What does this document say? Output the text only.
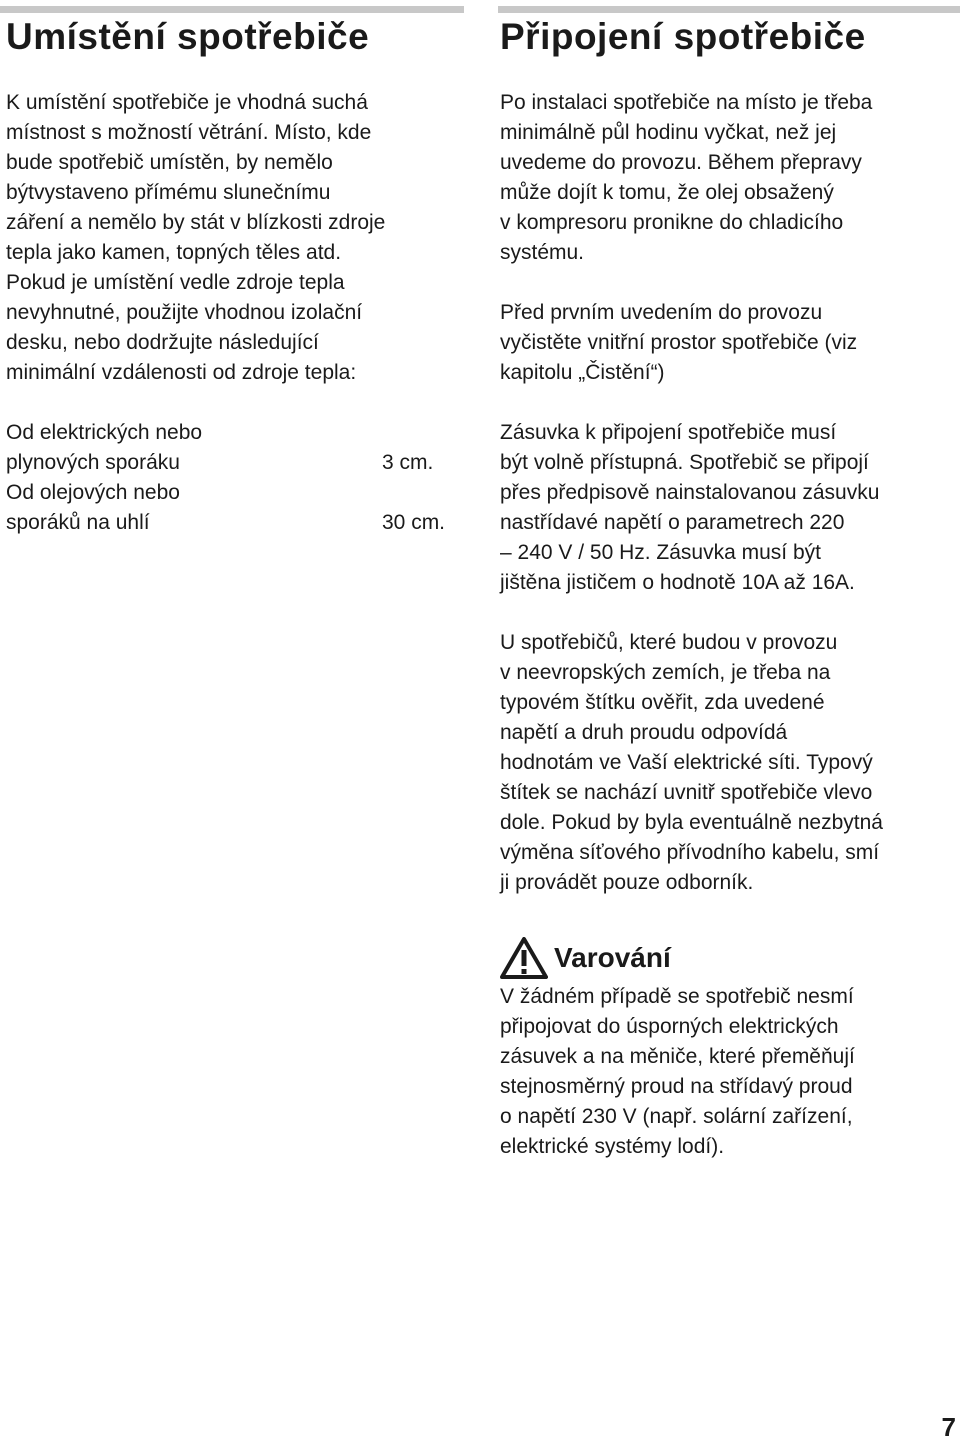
Umístění spotřebiče

K umístění spotřebiče je vhodná suchá
místnost s možností větrání. Místo, kde
bude spotřebič umístěn, by nemělo
býtvystaveno přímému slunečnímu
záření a nemělo by stát v blízkosti zdroje
tepla jako kamen, topných těles atd.
Pokud je umístění vedle zdroje tepla
nevyhnutné, použijte vhodnou izolační
desku, nebo dodržujte následující
minimální vzdálenosti od zdroje tepla:

Od elektrických nebo
plynových sporáku	3 cm.
Od olejových nebo
sporáků na uhlí	30 cm.
Připojení spotřebiče

Po instalaci spotřebiče na místo je třeba
minimálně půl hodinu vyčkat, než jej
uvedeme do provozu. Během přepravy
může dojít k tomu, že olej obsažený
v kompresoru pronikne do chladicího
systému.

Před prvním uvedením do provozu
vyčistěte vnitřní prostor spotřebiče (viz
kapitolu „Čistění“)

Zásuvka k připojení spotřebiče musí
být volně přístupná. Spotřebič se připojí
přes předpisově nainstalovanou zásuvku
nastřídavé napětí o parametrech 220
– 240 V / 50 Hz. Zásuvka musí být
jištěna jističem o hodnotě 10A až 16A.

U spotřebičů, které budou v provozu
v neevropských zemích, je třeba na
typovém štítku ověřit, zda uvedené
napětí a druh proudu odpovídá
hodnotám ve Vaší elektrické síti. Typový
štítek se nachází uvnitř spotřebiče vlevo
dole. Pokud by byla eventuálně nezbytná
výměna síťového přívodního kabelu, smí
ji provádět pouze odborník.

Varování

V žádném případě se spotřebič nesmí
připojovat do úsporných elektrických
zásuvek a na měniče, které přeměňují
stejnosměrný proud na střídavý proud
o napětí 230 V (např. solární zařízení,
elektrické systémy lodí).

7
